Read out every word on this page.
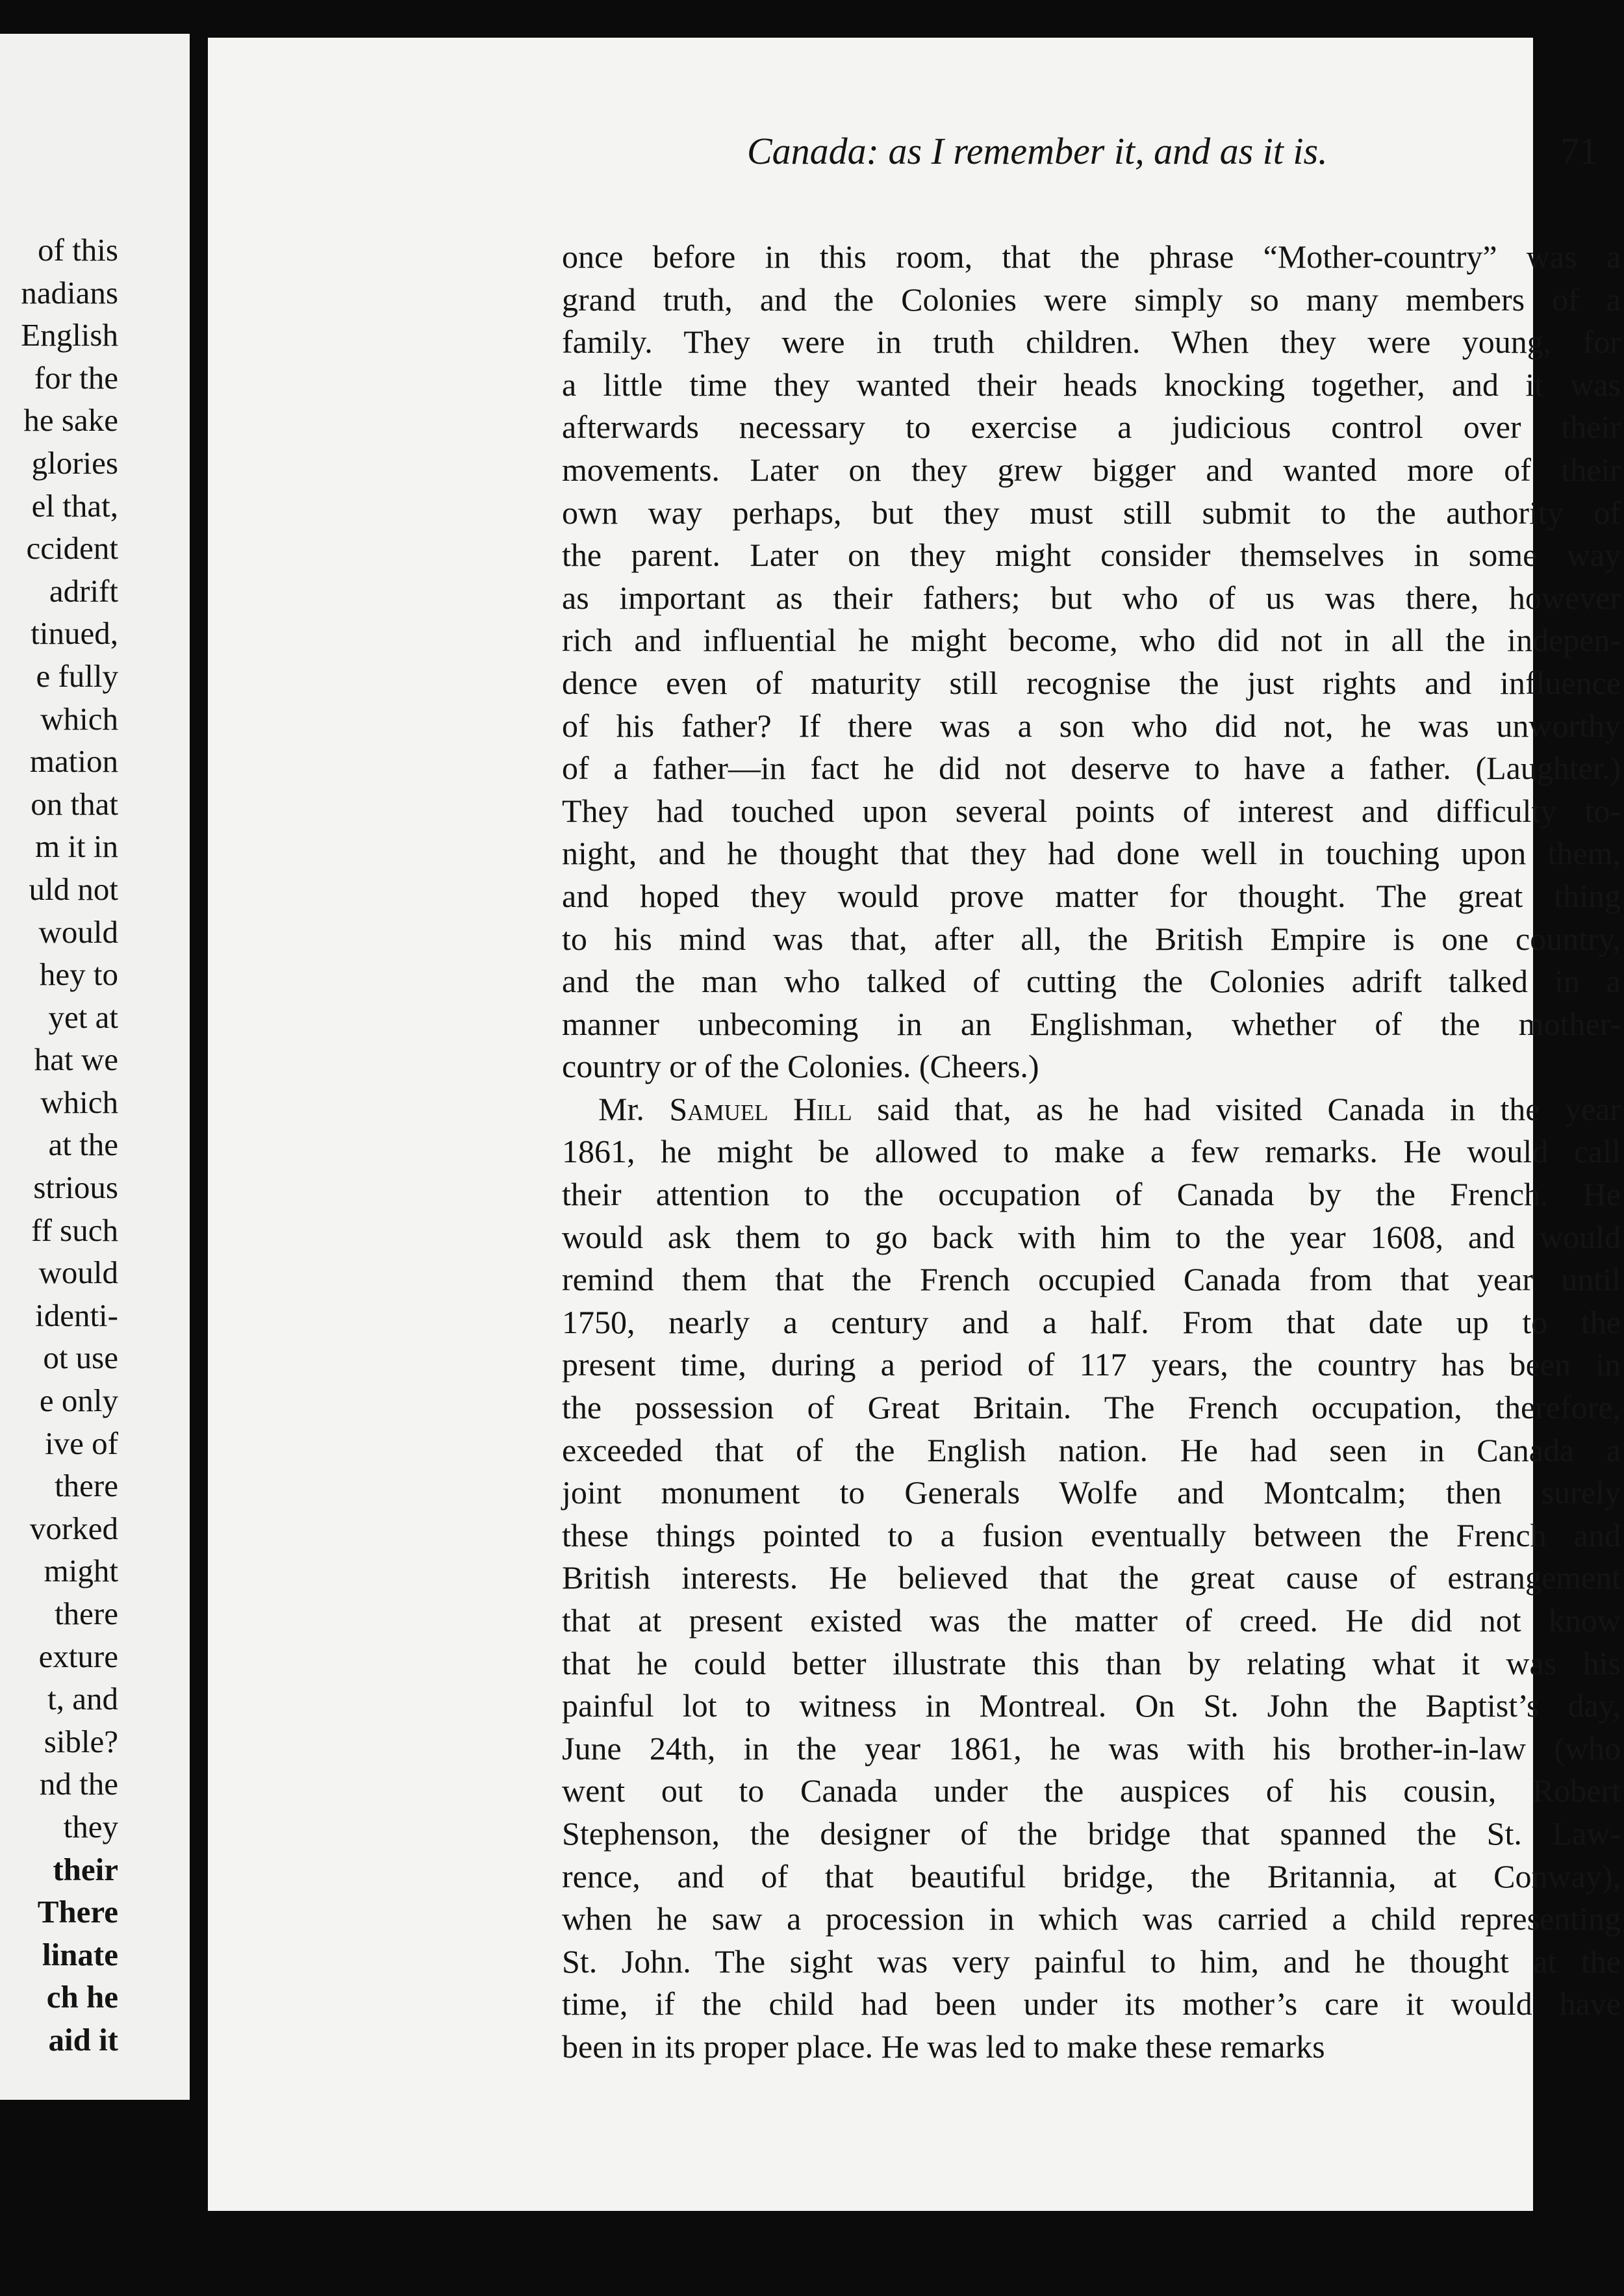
of this
nadians
English
for the
he sake
glories
el that,
ccident
adrift
tinued,
e fully
which
mation
on that
m it in
uld not
would
hey to
yet at
hat we
which
at the
strious
ff such
would
identi-
ot use
e only
ive of
there
vorked
might
there
exture
t, and
sible?
nd the
they
their
There
linate
ch he
aid it
Canada: as I remember it, and as it is.	71
once before in this room, that the phrase “Mother-country” was a
grand truth, and the Colonies were simply so many members of a
family. They were in truth children. When they were young, for
a little time they wanted their heads knocking together, and it was
afterwards necessary to exercise a judicious control over their
movements. Later on they grew bigger and wanted more of their
own way perhaps, but they must still submit to the authority of
the parent. Later on they might consider themselves in some way
as important as their fathers; but who of us was there, however
rich and influential he might become, who did not in all the indepen-
dence even of maturity still recognise the just rights and influence
of his father? If there was a son who did not, he was unworthy
of a father—in fact he did not deserve to have a father. (Laughter.)
They had touched upon several points of interest and difficulty to-
night, and he thought that they had done well in touching upon them,
and hoped they would prove matter for thought. The great thing
to his mind was that, after all, the British Empire is one country,
and the man who talked of cutting the Colonies adrift talked in a
manner unbecoming in an Englishman, whether of the mother-
country or of the Colonies. (Cheers.)
Mr. Samuel Hill said that, as he had visited Canada in the year
1861, he might be allowed to make a few remarks. He would call
their attention to the occupation of Canada by the French. He
would ask them to go back with him to the year 1608, and would
remind them that the French occupied Canada from that year until
1750, nearly a century and a half. From that date up to the
present time, during a period of 117 years, the country has been in
the possession of Great Britain. The French occupation, therefore,
exceeded that of the English nation. He had seen in Canada a
joint monument to Generals Wolfe and Montcalm; then surely
these things pointed to a fusion eventually between the French and
British interests. He believed that the great cause of estrangement
that at present existed was the matter of creed. He did not know
that he could better illustrate this than by relating what it was his
painful lot to witness in Montreal. On St. John the Baptist’s day,
June 24th, in the year 1861, he was with his brother-in-law (who
went out to Canada under the auspices of his cousin, Robert
Stephenson, the designer of the bridge that spanned the St. Law-
rence, and of that beautiful bridge, the Britannia, at Conway),
when he saw a procession in which was carried a child representing
St. John. The sight was very painful to him, and he thought at the
time, if the child had been under its mother’s care it would have
been in its proper place. He was led to make these remarks
